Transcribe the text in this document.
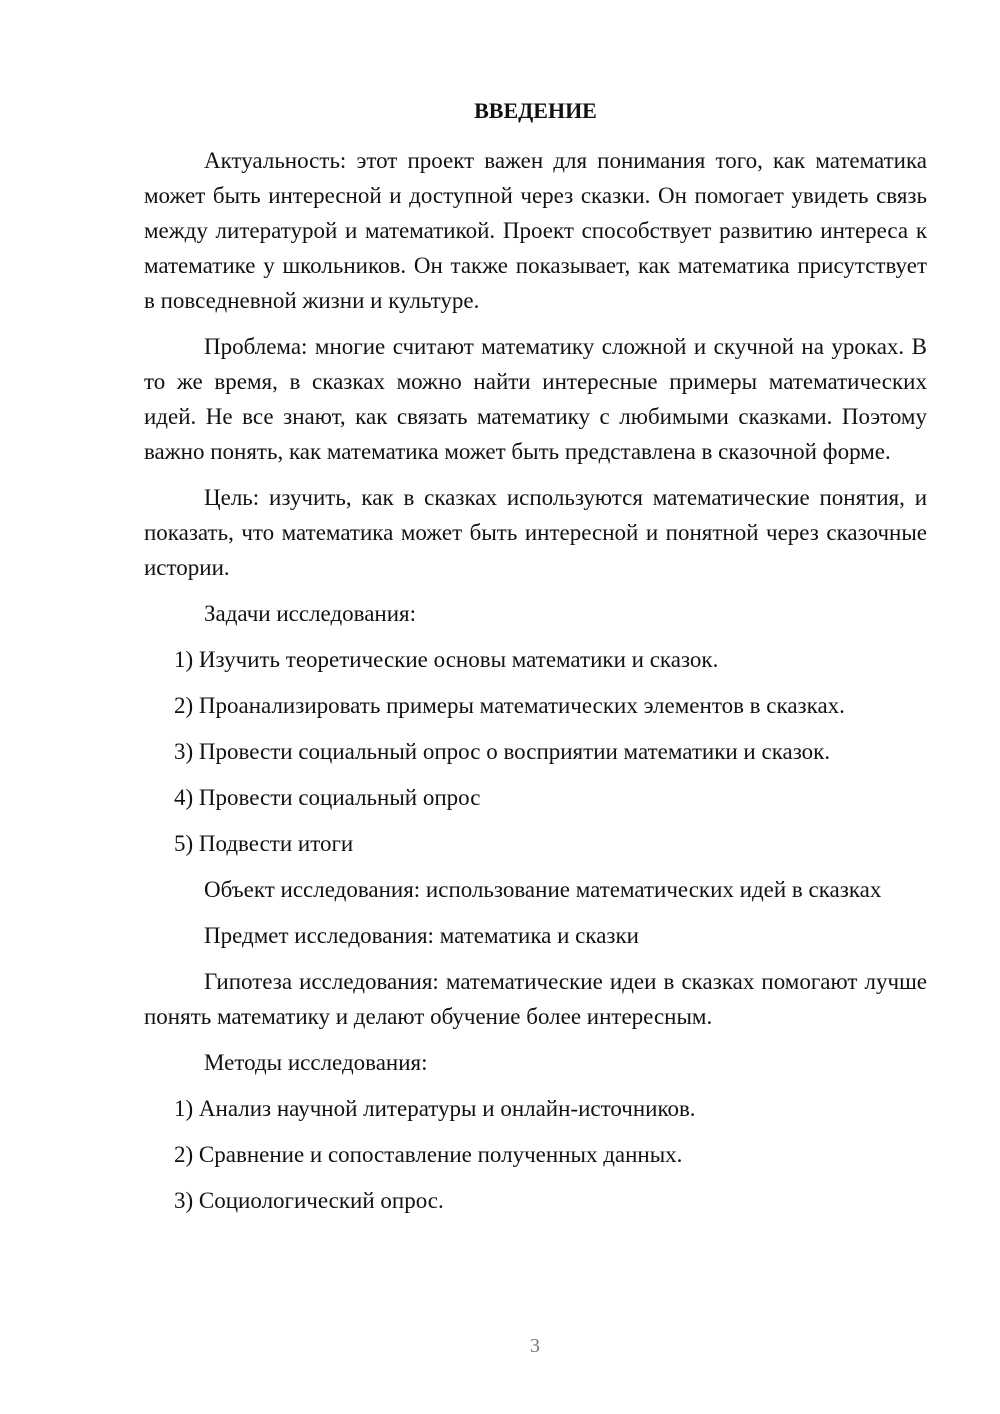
ВВЕДЕНИЕ

Актуальность: этот проект важен для понимания того, как математика может быть интересной и доступной через сказки. Он помогает увидеть связь между литературой и математикой. Проект способствует развитию интереса к математике у школьников. Он также показывает, как математика присутствует в повседневной жизни и культуре.

Проблема: многие считают математику сложной и скучной на уроках. В то же время, в сказках можно найти интересные примеры математических идей. Не все знают, как связать математику с любимыми сказками. Поэтому важно понять, как математика может быть представлена в сказочной форме.

Цель: изучить, как в сказках используются математические понятия, и показать, что математика может быть интересной и понятной через сказочные истории.

Задачи исследования:

1) Изучить теоретические основы математики и сказок.
2) Проанализировать примеры математических элементов в сказках.
3) Провести социальный опрос о восприятии математики и сказок.
4) Провести социальный опрос
5) Подвести итоги

Объект исследования: использование математических идей в сказках

Предмет исследования: математика и сказки

Гипотеза исследования: математические идеи в сказках помогают лучше понять математику и делают обучение более интересным.

Методы исследования:

1) Анализ научной литературы и онлайн-источников.
2) Сравнение и сопоставление полученных данных.
3) Социологический опрос.
3
